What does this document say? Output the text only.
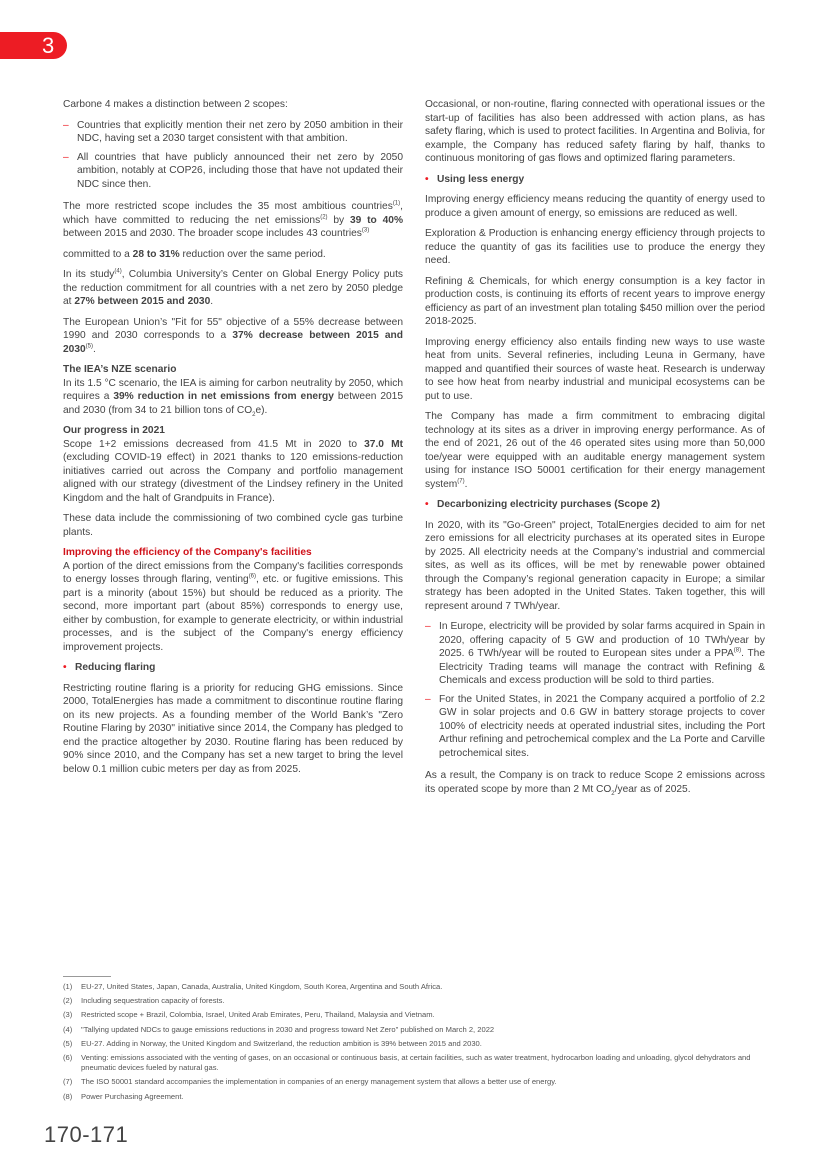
3

Carbone 4 makes a distinction between 2 scopes:

– Countries that explicitly mention their net zero by 2050 ambition in their NDC, having set a 2030 target consistent with that ambition.
– All countries that have publicly announced their net zero by 2050 ambition, notably at COP26, including those that have not updated their NDC since then.

The more restricted scope includes the 35 most ambitious countries$^{(1)}$, which have committed to reducing the net emissions$^{(2)}$ by 39 to 40% between 2015 and 2030. The broader scope includes 43 countries$^{(3)}$

committed to a 28 to 31% reduction over the same period.

In its study$^{(4)}$, Columbia University’s Center on Global Energy Policy puts the reduction commitment for all countries with a net zero by 2050 pledge at 27% between 2015 and 2030.

The European Union’s "Fit for 55" objective of a 55% decrease between 1990 and 2030 corresponds to a 37% decrease between 2015 and 2030$^{(5)}$.

The IEA’s NZE scenario

In its 1.5 °C scenario, the IEA is aiming for carbon neutrality by 2050, which requires a 39% reduction in net emissions from energy between 2015 and 2030 (from 34 to 21 billion tons of $CO_2e$).

Our progress in 2021

Scope 1+2 emissions decreased from 41.5 Mt in 2020 to 37.0 Mt (excluding COVID-19 effect) in 2021 thanks to 120 emissions-reduction initiatives carried out across the Company and portfolio management aligned with our strategy (divestment of the Lindsey refinery in the United Kingdom and the halt of Grandpuits in France).

These data include the commissioning of two combined cycle gas turbine plants.

Improving the efficiency of the Company's facilities

A portion of the direct emissions from the Company's facilities corresponds to energy losses through flaring, venting$^{(6)}$, etc. or fugitive emissions. This part is a minority (about 15%) but should be reduced as a priority. The second, more important part (about 85%) corresponds to energy use, either by combustion, for example to generate electricity, or within industrial processes, and is the subject of the Company's energy efficiency improvement projects.

• Reducing flaring

Restricting routine flaring is a priority for reducing GHG emissions. Since 2000, TotalEnergies has made a commitment to discontinue routine flaring on its new projects. As a founding member of the World Bank’s "Zero Routine Flaring by 2030" initiative since 2014, the Company has pledged to end the practice altogether by 2030. Routine flaring has been reduced by 90% since 2010, and the Company has set a new target to bring the level below 0.1 million cubic meters per day as from 2025.

Occasional, or non-routine, flaring connected with operational issues or the start-up of facilities has also been addressed with action plans, as has safety flaring, which is used to protect facilities. In Argentina and Bolivia, for example, the Company has reduced safety flaring by half, thanks to continuous monitoring of gas flows and optimized flaring parameters.

• Using less energy

Improving energy efficiency means reducing the quantity of energy used to produce a given amount of energy, so emissions are reduced as well.

Exploration & Production is enhancing energy efficiency through projects to reduce the quantity of gas its facilities use to produce the energy they need.

Refining & Chemicals, for which energy consumption is a key factor in production costs, is continuing its efforts of recent years to improve energy efficiency as part of an investment plan totaling $450 million over the period 2018-2025.

Improving energy efficiency also entails finding new ways to use waste heat from units. Several refineries, including Leuna in Germany, have mapped and quantified their sources of waste heat. Research is underway to see how heat from nearby industrial and municipal ecosystems can be put to use.

The Company has made a firm commitment to embracing digital technology at its sites as a driver in improving energy performance. As of the end of 2021, 26 out of the 46 operated sites using more than 50,000 toe/year were equipped with an auditable energy management system using for instance ISO 50001 certification for their energy management system$^{(7)}$.

• Decarbonizing electricity purchases (Scope 2)

In 2020, with its "Go-Green" project, TotalEnergies decided to aim for net zero emissions for all electricity purchases at its operated sites in Europe by 2025. All electricity needs at the Company’s industrial and commercial sites, as well as its offices, will be met by renewable power obtained through the Company’s regional generation capacity in Europe; a similar strategy has been adopted in the United States. Taken together, this will represent around 7 TWh/year.

– In Europe, electricity will be provided by solar farms acquired in Spain in 2020, offering capacity of 5 GW and production of 10 TWh/year by 2025. 6 TWh/year will be routed to European sites under a PPA$^{(8)}$. The Electricity Trading teams will manage the contract with Refining & Chemicals and excess production will be sold to third parties.
– For the United States, in 2021 the Company acquired a portfolio of 2.2 GW in solar projects and 0.6 GW in battery storage projects to cover 100% of electricity needs at operated industrial sites, including the Port Arthur refining and petrochemical complex and the La Porte and Carville petrochemical sites.

As a result, the Company is on track to reduce Scope 2 emissions across its operated scope by more than 2 Mt $CO_2$/year as of 2025.

(1) EU-27, United States, Japan, Canada, Australia, United Kingdom, South Korea, Argentina and South Africa.
(2) Including sequestration capacity of forests.
(3) Restricted scope + Brazil, Colombia, Israel, United Arab Emirates, Peru, Thailand, Malaysia and Vietnam.
(4) "Tallying updated NDCs to gauge emissions reductions in 2030 and progress toward Net Zero" published on March 2, 2022
(5) EU-27. Adding in Norway, the United Kingdom and Switzerland, the reduction ambition is 39% between 2015 and 2030.
(6) Venting: emissions associated with the venting of gases, on an occasional or continuous basis, at certain facilities, such as water treatment, hydrocarbon loading and unloading, glycol dehydrators and pneumatic devices fueled by natural gas.
(7) The ISO 50001 standard accompanies the implementation in companies of an energy management system that allows a better use of energy.
(8) Power Purchasing Agreement.
170-171
